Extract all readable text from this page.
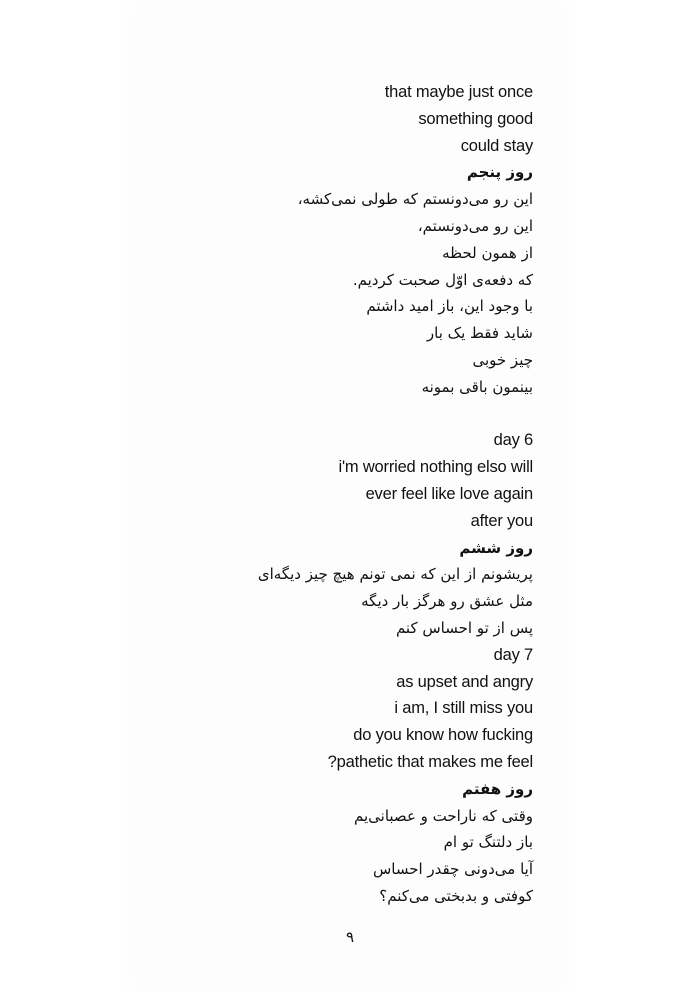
that maybe just once
something good
could stay
روز پنجم
این رو می‌دونستم که طولی نمی‌کشه،
این رو می‌دونستم،
از همون لحظه
که دفعه‌ی اوّل صحبت کردیم.
با وجود این، باز امید داشتم
شاید فقط یک بار
چیز خوبی
بینمون باقی بمونه
day 6
i'm worried nothing elso will
ever feel like love again
after you
روز ششم
پریشونم از این که نمی تونم هیچ چیز دیگه‌ای
مثل عشق رو هرگز بار دیگه
پس از تو احساس کنم
day 7
as upset and angry
i am, I still miss you
do you know how fucking
?pathetic that makes me feel
روز هفتم
وقتی که ناراحت و عصبانی‌یم
باز دلتنگ تو ام
آیا می‌دونی چقدر احساس
کوفتی و بدبختی می‌کنم؟
۹
